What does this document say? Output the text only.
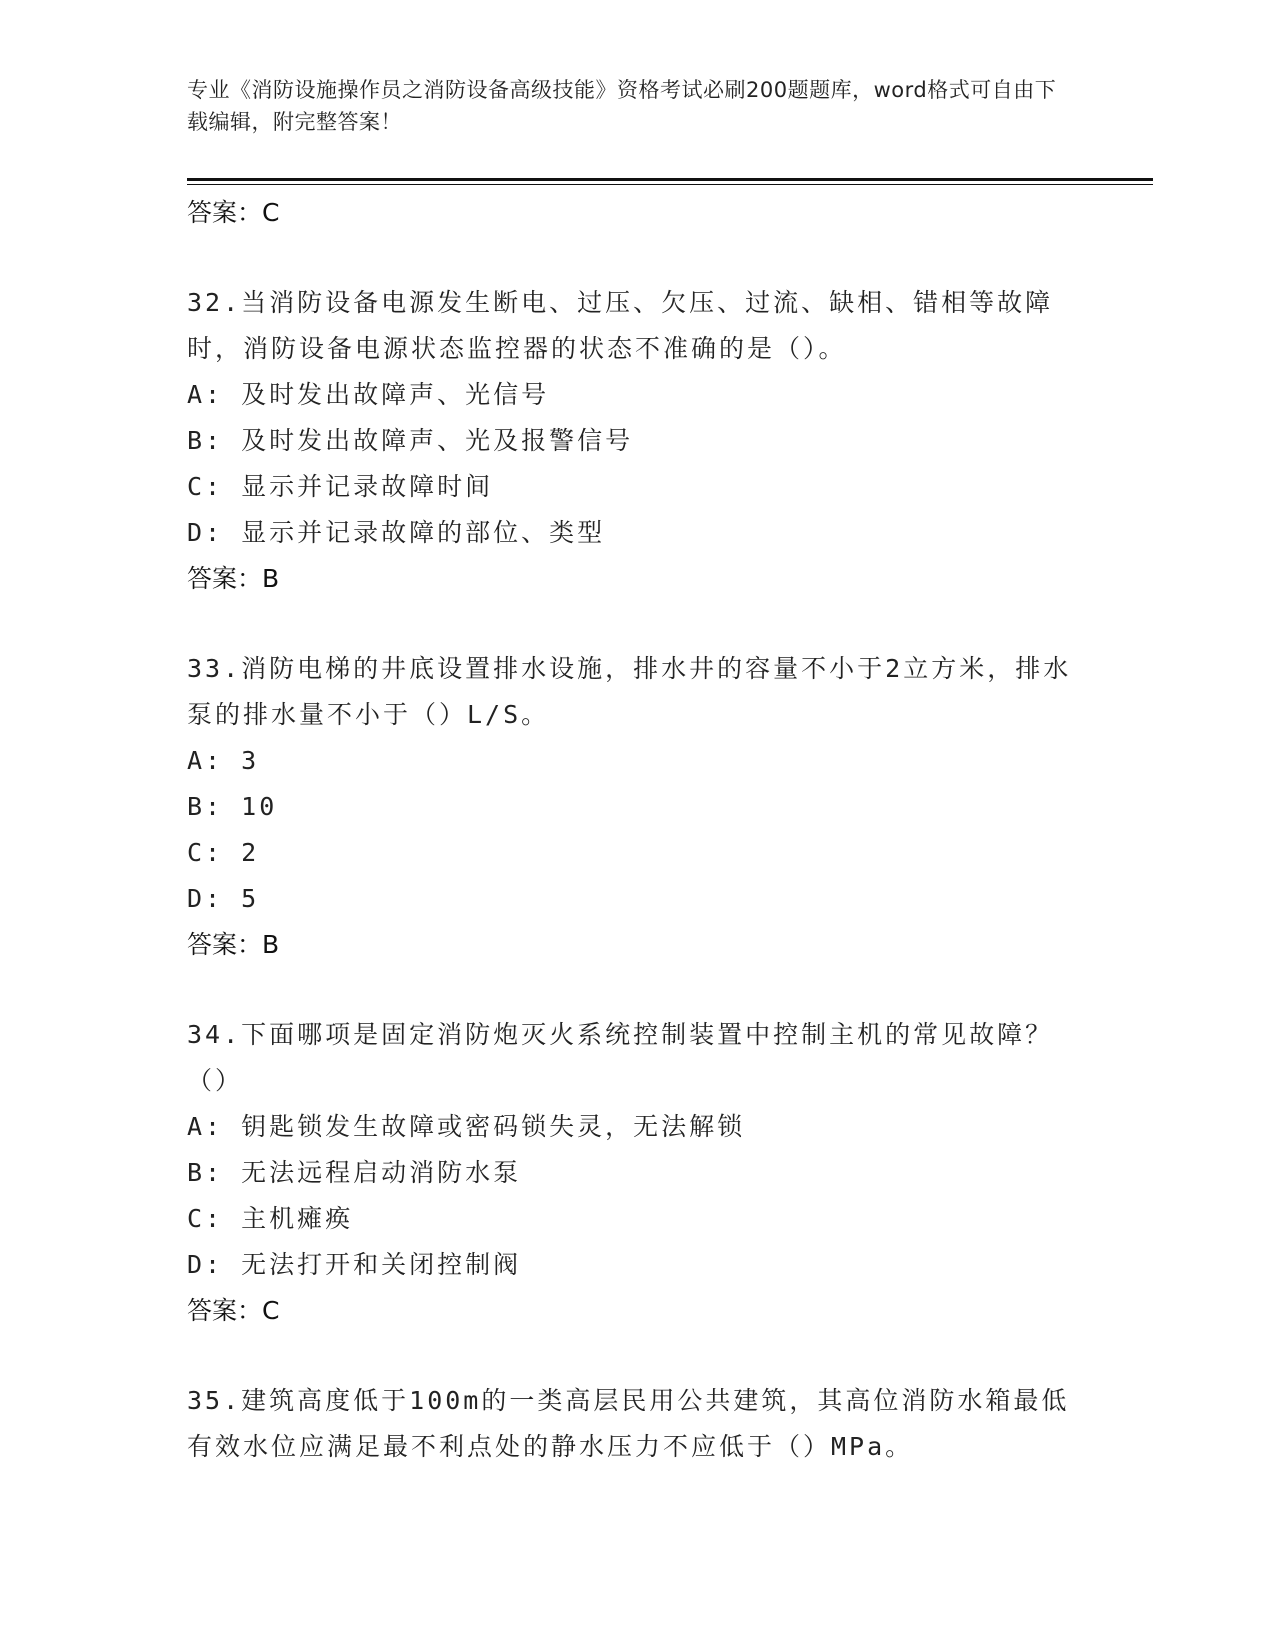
专业《消防设施操作员之消防设备高级技能》资格考试必刷200题题库，word格式可自由下载编辑，附完整答案！
答案：C
32.当消防设备电源发生断电、过压、欠压、过流、缺相、错相等故障时，消防设备电源状态监控器的状态不准确的是（）。
A: 及时发出故障声、光信号
B: 及时发出故障声、光及报警信号
C: 显示并记录故障时间
D: 显示并记录故障的部位、类型
答案：B
33.消防电梯的井底设置排水设施，排水井的容量不小于2立方米，排水泵的排水量不小于（）L/S。
A: 3
B: 10
C: 2
D: 5
答案：B
34.下面哪项是固定消防炮灭火系统控制装置中控制主机的常见故障？（）
A: 钥匙锁发生故障或密码锁失灵，无法解锁
B: 无法远程启动消防水泵
C: 主机瘫痪
D: 无法打开和关闭控制阀
答案：C
35.建筑高度低于100m的一类高层民用公共建筑，其高位消防水箱最低有效水位应满足最不利点处的静水压力不应低于（）MPa。
